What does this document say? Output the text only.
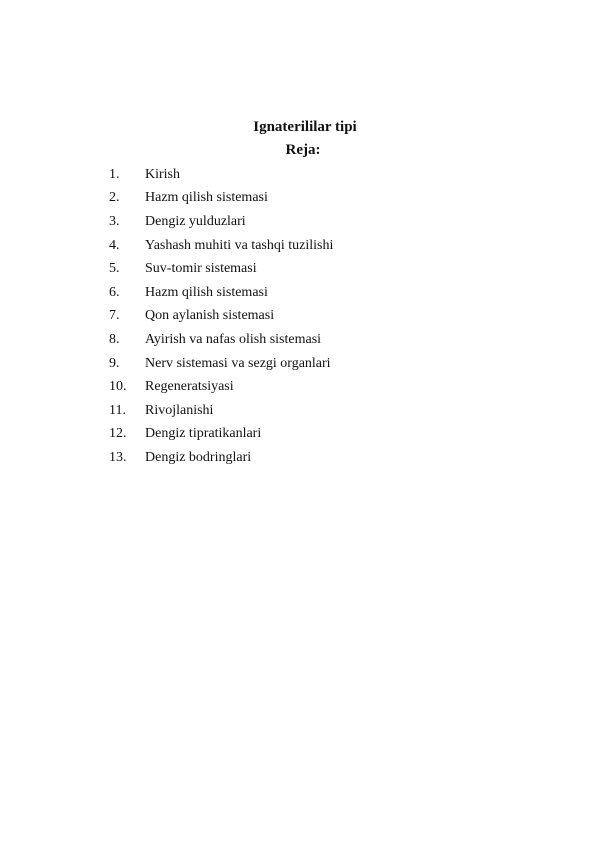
Ignaterililar tipi
Reja:
1.	Kirish
2.	Hazm qilish sistemasi
3.	Dengiz yulduzlari
4.	Yashash muhiti va tashqi tuzilishi
5.	Suv-tomir sistemasi
6.	Hazm qilish sistemasi
7.	Qon aylanish sistemasi
8.	Ayirish va nafas olish sistemasi
9.	Nerv sistemasi va sezgi organlari
10.	Regeneratsiyasi
11.	Rivojlanishi
12.	Dengiz tipratikanlari
13.	Dengiz bodringlari
